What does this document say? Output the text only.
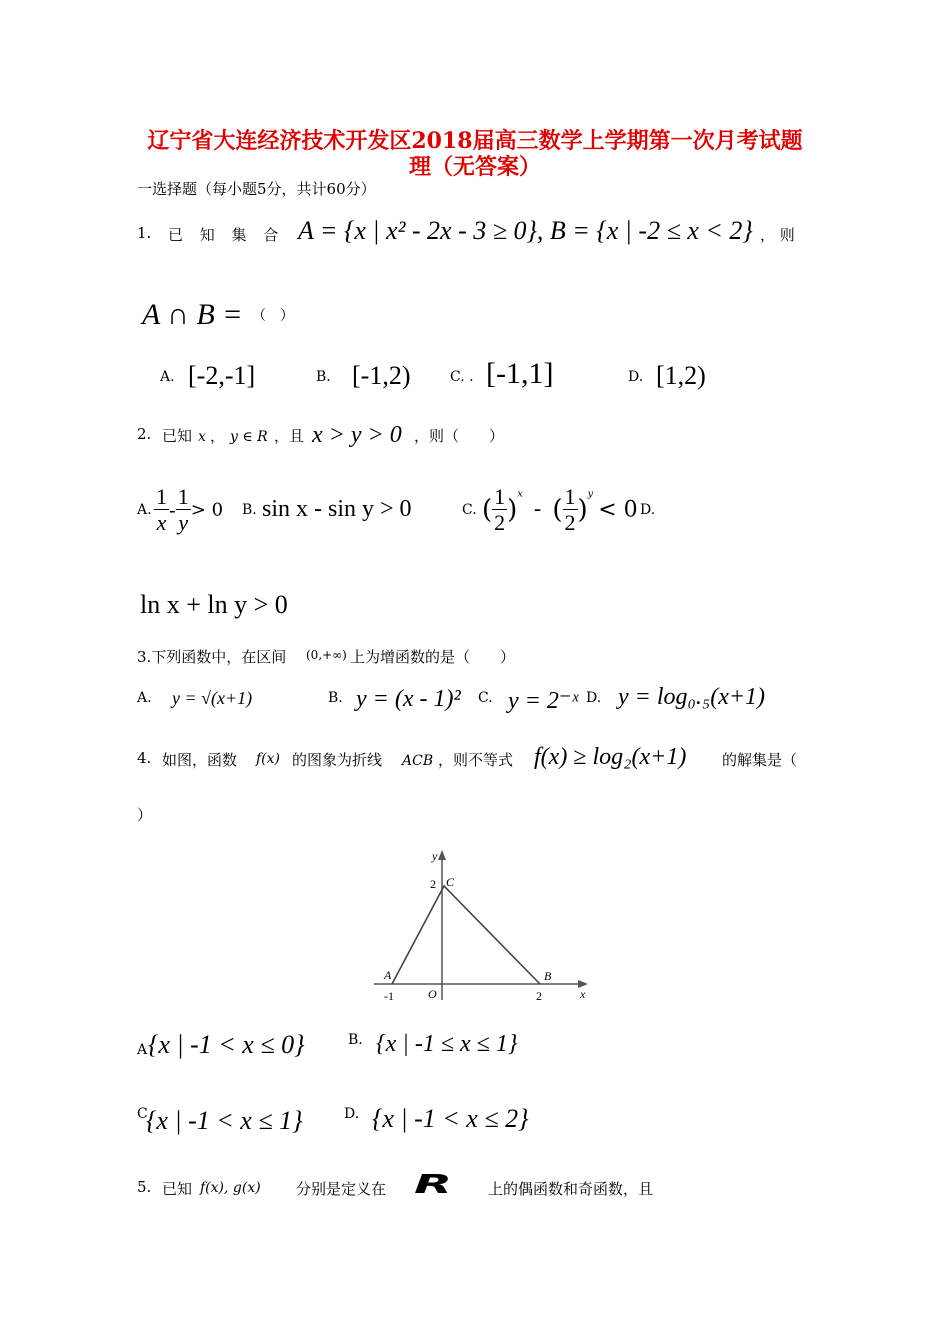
辽宁省大连经济技术开发区2018届高三数学上学期第一次月考试题
理（无答案）
一选择题（每小题5分，共计60分）
1. 已 知 集 合 A = {x | x² - 2x - 3 ≥ 0}, B = {x | -2 ≤ x < 2} ， 则
A ∩ B = （　）
A. [-2,-1]	B. [-1,2)	C. . [-1,1]	D. [1,2)
2. 已知 x ， y ∈ R ，且 x > y > 0 ，则（　　）
A. $\frac{1}{x} - \frac{1}{y} > 0$ B. sin x - sin y > 0	C. ( $\frac{1}{2} )^x$ - ( $\frac{1}{2} )^y < 0$ D.
ln x + ln y > 0
3.下列函数中，在区间 (0,+∞) 上为增函数的是（　　）
A. y = √(x+1)	B. y = (x - 1)² C. y = 2⁻ˣ D. y = log₀.₅(x+1)
4. 如图，函数 f(x) 的图象为折线 ACB ，则不等式 f(x) ≥ log₂(x+1) 的解集是（
）
y
2 C
A	B
O
-1	2	x
A {x | -1 < x ≤ 0}	B. {x | -1 ≤ x ≤ 1}
C
{x | -1 < x ≤ 1}	D. {x | -1 < x ≤ 2}
5. 已知 f(x), g(x) 分别是定义在 R 上的偶函数和奇函数，且
